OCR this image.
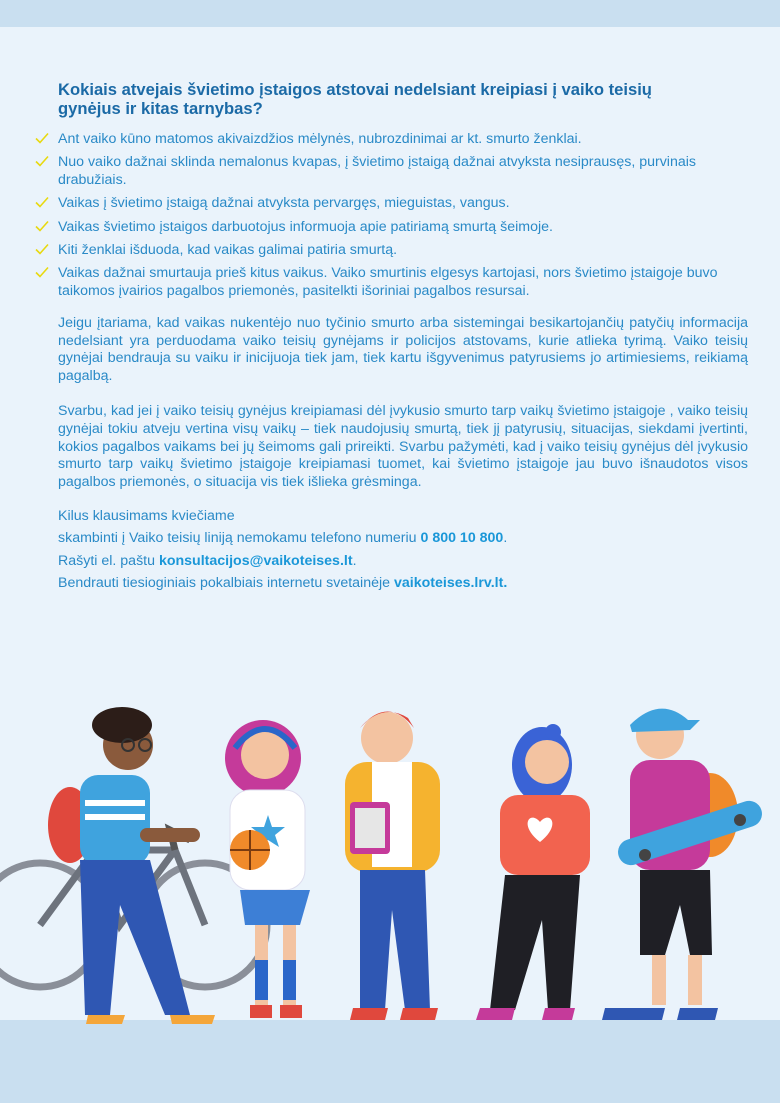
Kokiais atvejais švietimo įstaigos atstovai nedelsiant kreipiasi į vaiko teisių gynėjus ir kitas tarnybas?
Ant vaiko kūno matomos akivaizdžios mėlynės, nubrozdinimai ar kt. smurto ženklai.
Nuo vaiko dažnai sklinda nemalonus kvapas, į švietimo įstaigą dažnai atvyksta nesiprausęs, purvinais drabužiais.
Vaikas į švietimo įstaigą dažnai atvyksta pervargęs, mieguistas, vangus.
Vaikas švietimo įstaigos darbuotojus informuoja apie patiriamą smurtą šeimoje.
Kiti ženklai išduoda, kad vaikas galimai patiria smurtą.
Vaikas dažnai smurtauja prieš kitus vaikus. Vaiko smurtinis elgesys kartojasi, nors švietimo įstaigoje buvo taikomos įvairios pagalbos priemonės, pasitelkti išoriniai pagalbos resursai.

Jeigu įtariama, kad vaikas nukentėjo nuo tyčinio smurto arba sistemingai besikartojančių patyčių informacija nedelsiant yra perduodama vaiko teisių gynėjams ir policijos atstovams, kurie atlieka tyrimą. Vaiko teisių gynėjai bendrauja su vaiku ir inicijuoja tiek jam, tiek kartu išgyvenimus patyrusiems jo artimiesiems, reikiamą pagalbą.

Svarbu, kad jei į vaiko teisių gynėjus kreipiamasi dėl įvykusio smurto tarp vaikų švietimo įstaigoje , vaiko teisių gynėjai tokiu atveju vertina visų vaikų – tiek naudojusių smurtą, tiek jį patyrusių, situacijas, siekdami įvertinti, kokios pagalbos vaikams bei jų šeimoms gali prireikti. Svarbu pažymėti, kad į vaiko teisių gynėjus dėl įvykusio smurto tarp vaikų švietimo įstaigoje kreipiamasi tuomet, kai švietimo įstaigoje jau buvo išnaudotos visos pagalbos priemonės, o situacija vis tiek išlieka grėsminga.

Kilus klausimams kviečiame
skambinti į Vaiko teisių liniją nemokamu telefono numeriu 0 800 10 800.
Rašyti el. paštu konsultacijos@vaikoteises.lt.
Bendrauti tiesioginiais pokalbiais internetu svetainėje vaikoteises.lrv.lt.
